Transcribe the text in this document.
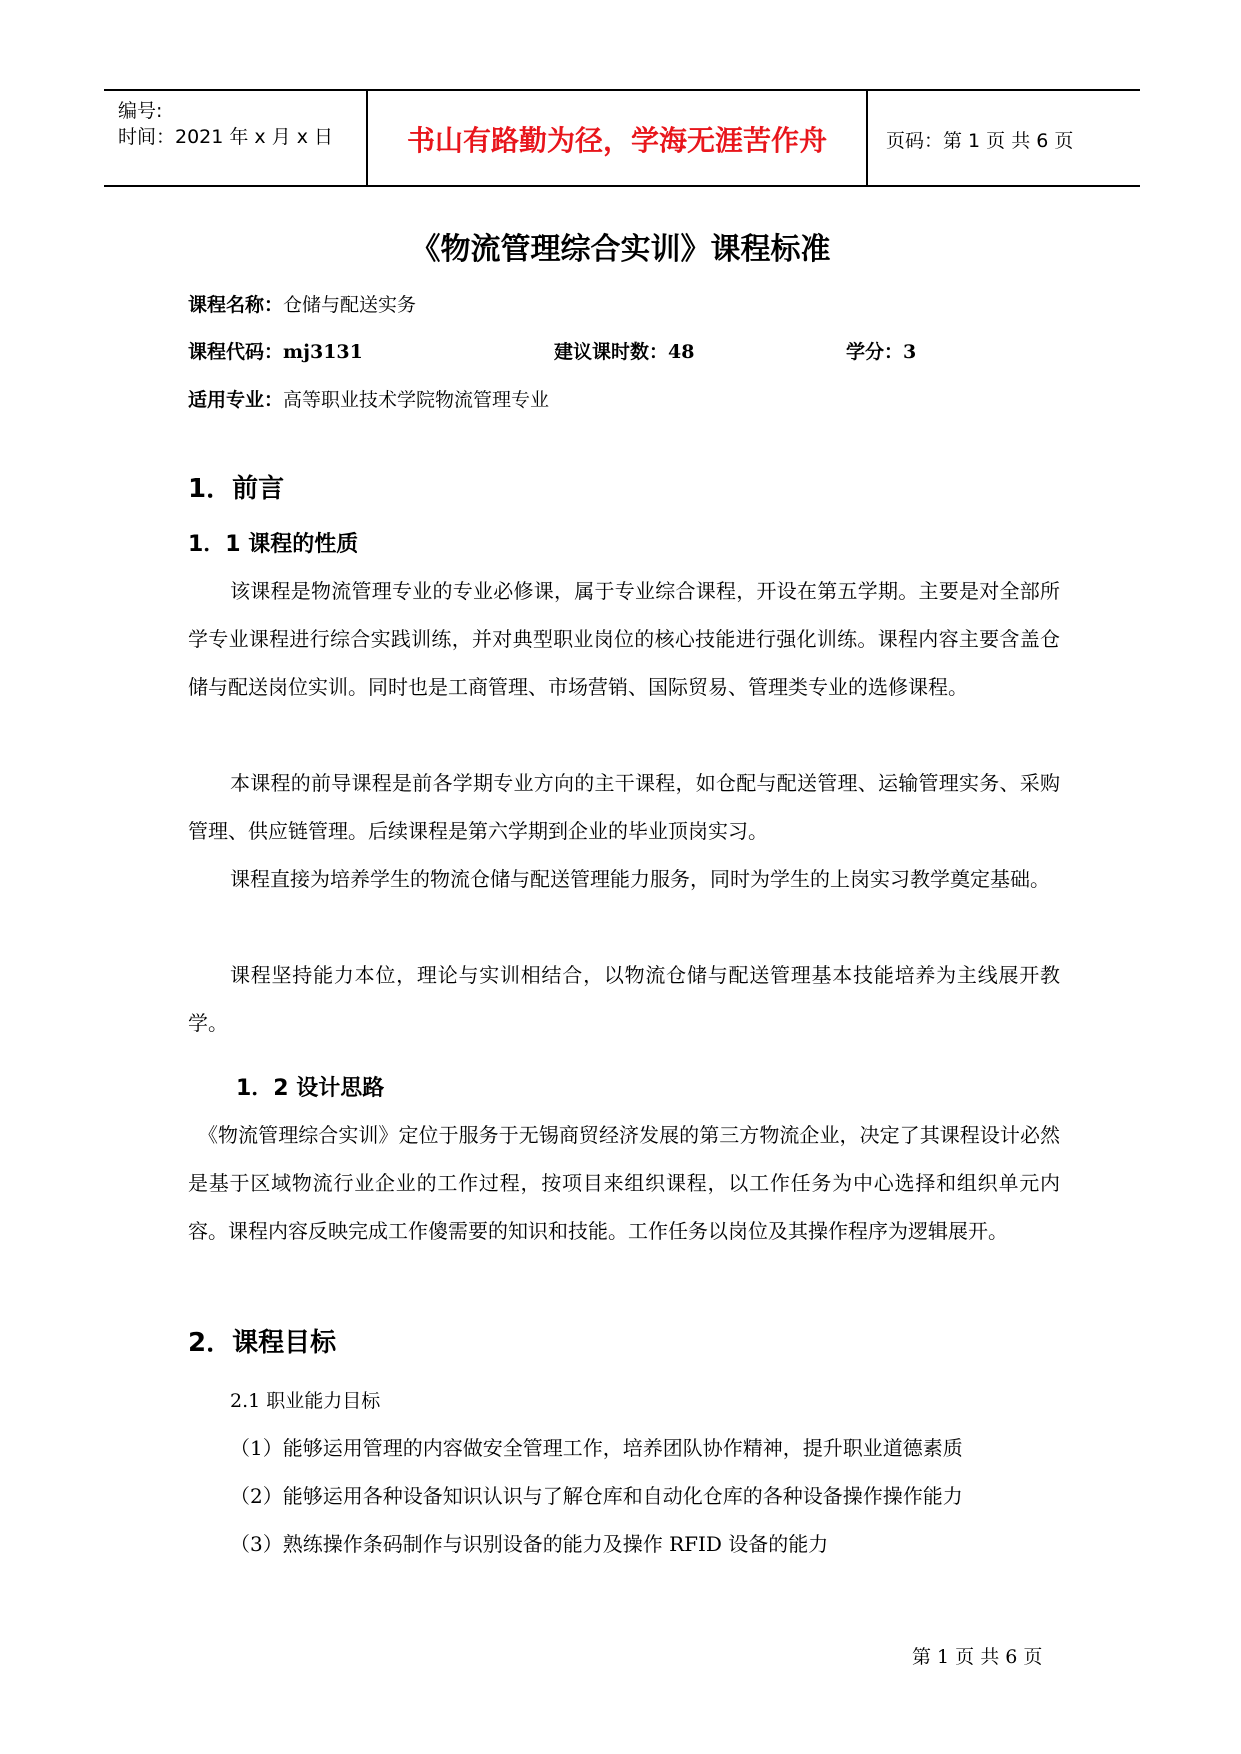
编号:
时间：2021 年 x 月 x 日	书山有路勤为径，学海无涯苦作舟	页码：第 1 页 共 6 页
《物流管理综合实训》课程标准
课程名称：仓储与配送实务
课程代码：mj3131	建议课时数：48	学分：3
适用专业：高等职业技术学院物流管理专业
1．前言
1．1 课程的性质
该课程是物流管理专业的专业必修课，属于专业综合课程，开设在第五学期。主要是对全部所学专业课程进行综合实践训练，并对典型职业岗位的核心技能进行强化训练。课程内容主要含盖仓储与配送岗位实训。同时也是工商管理、市场营销、国际贸易、管理类专业的选修课程。
本课程的前导课程是前各学期专业方向的主干课程，如仓配与配送管理、运输管理实务、采购管理、供应链管理。后续课程是第六学期到企业的毕业顶岗实习。
课程直接为培养学生的物流仓储与配送管理能力服务，同时为学生的上岗实习教学奠定基础。
课程坚持能力本位，理论与实训相结合，以物流仓储与配送管理基本技能培养为主线展开教学。
1．2 设计思路
《物流管理综合实训》定位于服务于无锡商贸经济发展的第三方物流企业，决定了其课程设计必然是基于区域物流行业企业的工作过程，按项目来组织课程，以工作任务为中心选择和组织单元内容。课程内容反映完成工作傻需要的知识和技能。工作任务以岗位及其操作程序为逻辑展开。
2．课程目标
2.1 职业能力目标
（1）能够运用管理的内容做安全管理工作，培养团队协作精神，提升职业道德素质
（2）能够运用各种设备知识认识与了解仓库和自动化仓库的各种设备操作操作能力
（3）熟练操作条码制作与识别设备的能力及操作 RFID 设备的能力
第 1 页 共 6 页
